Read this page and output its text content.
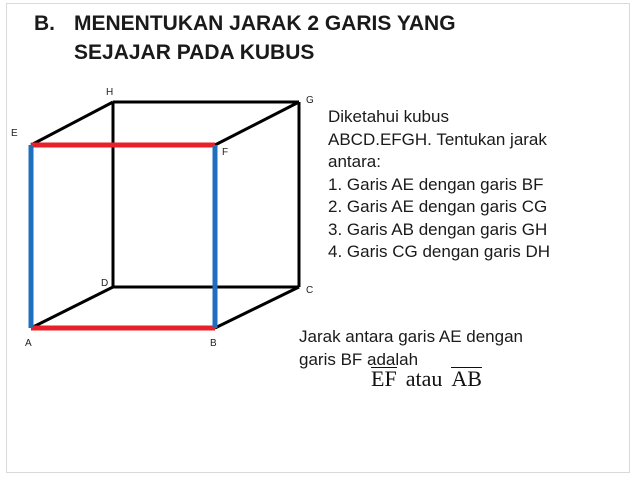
B. MENENTUKAN JARAK 2 GARIS YANG
SEJAJAR PADA KUBUS
H
G
E
F
D
C
A	B
Diketahui kubus
ABCD.EFGH. Tentukan jarak
antara:
1. Garis AE dengan garis BF
2. Garis AE dengan garis CG
3. Garis AB dengan garis GH
4. Garis CG dengan garis DH
Jarak antara garis AE dengan
garis BF adalah
EF atau AB
